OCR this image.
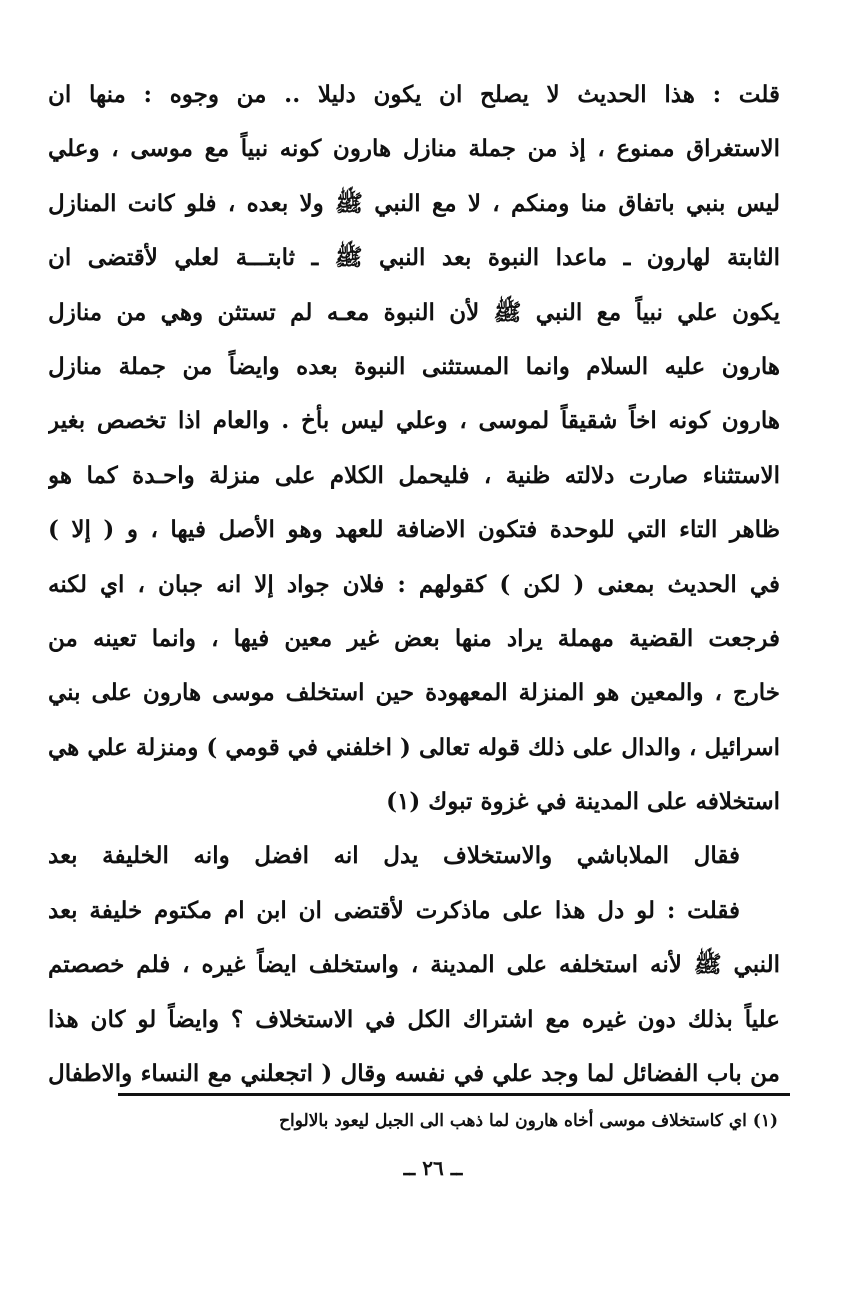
قلت : هذا الحديث لا يصلح ان يكون دليلا .. من وجوه : منها ان
الاستغراق ممنوع ، إذ من جملة منازل هارون كونه نبياً مع موسى ، وعلي
ليس بنبي باتفاق منا ومنكم ، لا مع النبي ﷺ ولا بعده ، فلو كانت المنازل
الثابتة لهارون ـ ماعدا النبوة بعد النبي ﷺ ـ ثابتـــة لعلي لأقتضى ان
يكون علي نبياً مع النبي ﷺ لأن النبوة معـه لم تستثن وهي من منازل
هارون عليه السلام وانما المستثنى النبوة بعده وايضاً من جملة منازل
هارون كونه اخاً شقيقاً لموسى ، وعلي ليس بأخ . والعام اذا تخصص بغير
الاستثناء صارت دلالته ظنية ، فليحمل الكلام على منزلة واحـدة كما هو
ظاهر التاء التي للوحدة فتكون الاضافة للعهد وهو الأصل فيها ، و ( إلا )
في الحديث بمعنى ( لكن ) كقولهم : فلان جواد إلا انه جبان ، اي لكنه
فرجعت القضية مهملة يراد منها بعض غير معين فيها ، وانما تعينه من
خارج ، والمعين هو المنزلة المعهودة حين استخلف موسى هارون على بني
اسرائيل ، والدال على ذلك قوله تعالى ( اخلفني في قومي ) ومنزلة علي هي
استخلافه على المدينة في غزوة تبوك (١)
فقال الملاباشي والاستخلاف يدل انه افضل وانه الخليفة بعد
فقلت : لو دل هذا على ماذكرت لأقتضى ان ابن ام مكتوم خليفة بعد
النبي ﷺ لأنه استخلفه على المدينة ، واستخلف ايضاً غيره ، فلم خصصتم
علياً بذلك دون غيره مع اشتراك الكل في الاستخلاف ؟ وايضاً لو كان هذا
من باب الفضائل لما وجد علي في نفسه وقال ( اتجعلني مع النساء والاطفال
(١) اي كاستخلاف موسى أخاه هارون لما ذهب الى الجبل ليعود بالالواح
ــ ٢٦ ــ
